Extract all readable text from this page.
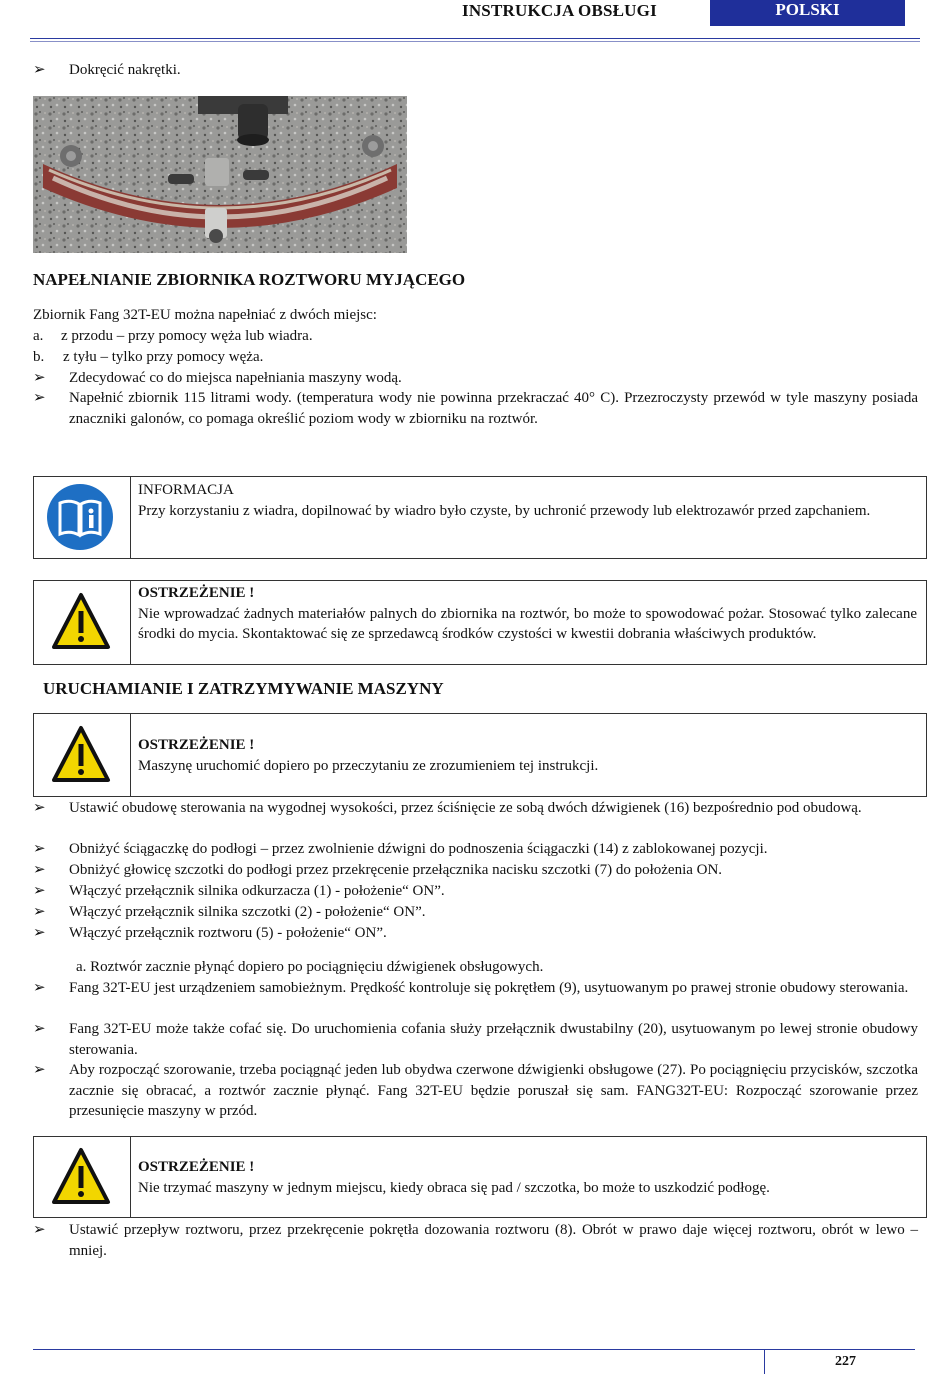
INSTRUKCJA OBSŁUGI	POLSKI
➢	Dokręcić nakrętki.
NAPEŁNIANIE ZBIORNIKA ROZTWORU MYJĄCEGO
Zbiornik Fang 32T-EU można napełniać z dwóch miejsc:
a. z przodu – przy pomocy węża lub wiadra.
b. z tyłu – tylko przy pomocy węża.
➢	Zdecydować co do miejsca napełniania maszyny wodą.
➢	Napełnić zbiornik 115 litrami wody. (temperatura wody nie powinna przekraczać 40° C). Przezroczysty przewód w tyle maszyny posiada znaczniki galonów, co pomaga określić poziom wody w zbiorniku na roztwór.
INFORMACJA
Przy korzystaniu z wiadra, dopilnować by wiadro było czyste, by uchronić przewody lub elektrozawór przed zapchaniem.
OSTRZEŻENIE !
Nie wprowadzać żadnych materiałów palnych do zbiornika na roztwór, bo może to spowodować pożar. Stosować tylko zalecane środki do mycia. Skontaktować się ze sprzedawcą środków czystości w kwestii dobrania właściwych produktów.
URUCHAMIANIE I ZATRZYMYWANIE MASZYNY
OSTRZEŻENIE !
Maszynę uruchomić dopiero po przeczytaniu ze zrozumieniem tej instrukcji.
➢	Ustawić obudowę sterowania na wygodnej wysokości, przez ściśnięcie ze sobą dwóch dźwigienek (16) bezpośrednio pod obudową.
➢	Obniżyć ściągaczkę do podłogi – przez zwolnienie dźwigni do podnoszenia ściągaczki (14) z zablokowanej pozycji.
➢	Obniżyć głowicę szczotki do podłogi przez przekręcenie przełącznika nacisku szczotki (7) do położenia ON.
➢	Włączyć przełącznik silnika odkurzacza (1) - położenie“ ON”.
➢	Włączyć przełącznik silnika szczotki (2) - położenie“ ON”.
➢	Włączyć przełącznik roztworu (5) - położenie“ ON”.
a. Roztwór zacznie płynąć dopiero po pociągnięciu dźwigienek obsługowych.
➢	Fang 32T-EU jest urządzeniem samobieżnym. Prędkość kontroluje się pokrętłem (9), usytuowanym po prawej stronie obudowy sterowania.
➢	Fang 32T-EU może także cofać się. Do uruchomienia cofania służy przełącznik dwustabilny (20), usytuowanym po lewej stronie obudowy sterowania.
➢	Aby rozpocząć szorowanie, trzeba pociągnąć jeden lub obydwa czerwone dźwigienki obsługowe (27). Po pociągnięciu przycisków, szczotka zacznie się obracać, a roztwór zacznie płynąć. Fang 32T-EU będzie poruszał się sam. FANG32T-EU: Rozpocząć szorowanie przez przesunięcie maszyny w przód.
OSTRZEŻENIE !
Nie trzymać maszyny w jednym miejscu, kiedy obraca się pad / szczotka, bo może to uszkodzić podłogę.
➢	Ustawić przepływ roztworu, przez przekręcenie pokrętła dozowania roztworu (8). Obrót w prawo daje więcej roztworu, obrót w lewo – mniej.
227
